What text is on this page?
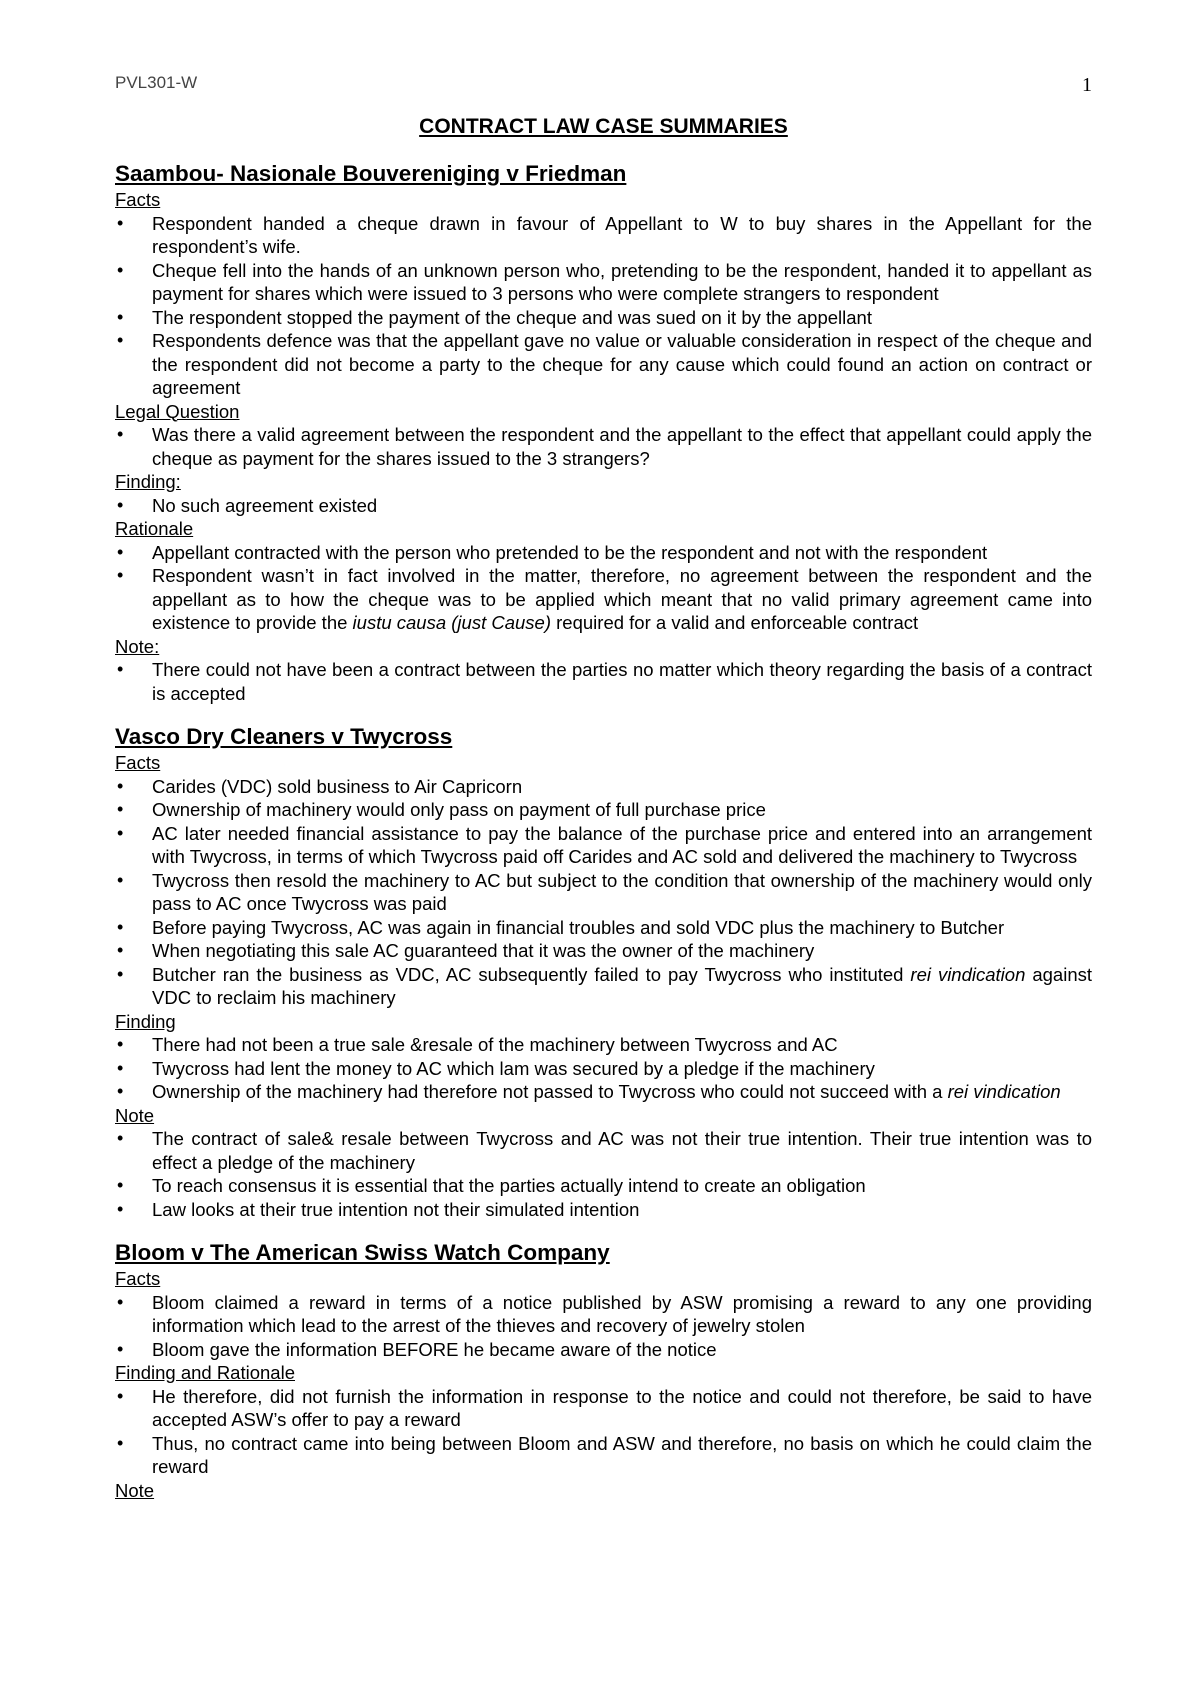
PVL301-W	1
CONTRACT LAW CASE SUMMARIES
Saambou- Nasionale Bouvereniging v Friedman
Facts
• Respondent handed a cheque drawn in favour of Appellant to W to buy shares in the Appellant for the respondent’s wife.
• Cheque fell into the hands of an unknown person who, pretending to be the respondent, handed it to appellant as payment for shares which were issued to 3 persons who were complete strangers to respondent
• The respondent stopped the payment of the cheque and was sued on it by the appellant
• Respondents defence was that the appellant gave no value or valuable consideration in respect of the cheque and the respondent did not become a party to the cheque for any cause which could found an action on contract or agreement
Legal Question
• Was there a valid agreement between the respondent and the appellant to the effect that appellant could apply the cheque as payment for the shares issued to the 3 strangers?
Finding:
• No such agreement existed
Rationale
• Appellant contracted with the person who pretended to be the respondent and not with the respondent
• Respondent wasn’t in fact involved in the matter, therefore, no agreement between the respondent and the appellant as to how the cheque was to be applied which meant that no valid primary agreement came into existence to provide the iustu causa (just Cause) required for a valid and enforceable contract
Note:
• There could not have been a contract between the parties no matter which theory regarding the basis of a contract is accepted
Vasco Dry Cleaners v Twycross
Facts
• Carides (VDC) sold business to Air Capricorn
• Ownership of machinery would only pass on payment of full purchase price
• AC later needed financial assistance to pay the balance of the purchase price and entered into an arrangement with Twycross, in terms of which Twycross paid off Carides and AC sold and delivered the machinery to Twycross
• Twycross then resold the machinery to AC but subject to the condition that ownership of the machinery would only pass to AC once Twycross was paid
• Before paying Twycross, AC was again in financial troubles and sold VDC plus the machinery to Butcher
• When negotiating this sale AC guaranteed that it was the owner of the machinery
• Butcher ran the business as VDC, AC subsequently failed to pay Twycross who instituted rei vindication against VDC to reclaim his machinery
Finding
• There had not been a true sale &resale of the machinery between Twycross and AC
• Twycross had lent the money to AC which lam was secured by a pledge if the machinery
• Ownership of the machinery had therefore not passed to Twycross who could not succeed with a rei vindication
Note
• The contract of sale& resale between Twycross and AC was not their true intention. Their true intention was to effect a pledge of the machinery
• To reach consensus it is essential that the parties actually intend to create an obligation
• Law looks at their true intention not their simulated intention
Bloom v The American Swiss Watch Company
Facts
• Bloom claimed a reward in terms of a notice published by ASW promising a reward to any one providing information which lead to the arrest of the thieves and recovery of jewelry stolen
• Bloom gave the information BEFORE he became aware of the notice
Finding and Rationale
• He therefore, did not furnish the information in response to the notice and could not therefore, be said to have accepted ASW’s offer to pay a reward
• Thus, no contract came into being between Bloom and ASW and therefore, no basis on which he could claim the reward
Note
